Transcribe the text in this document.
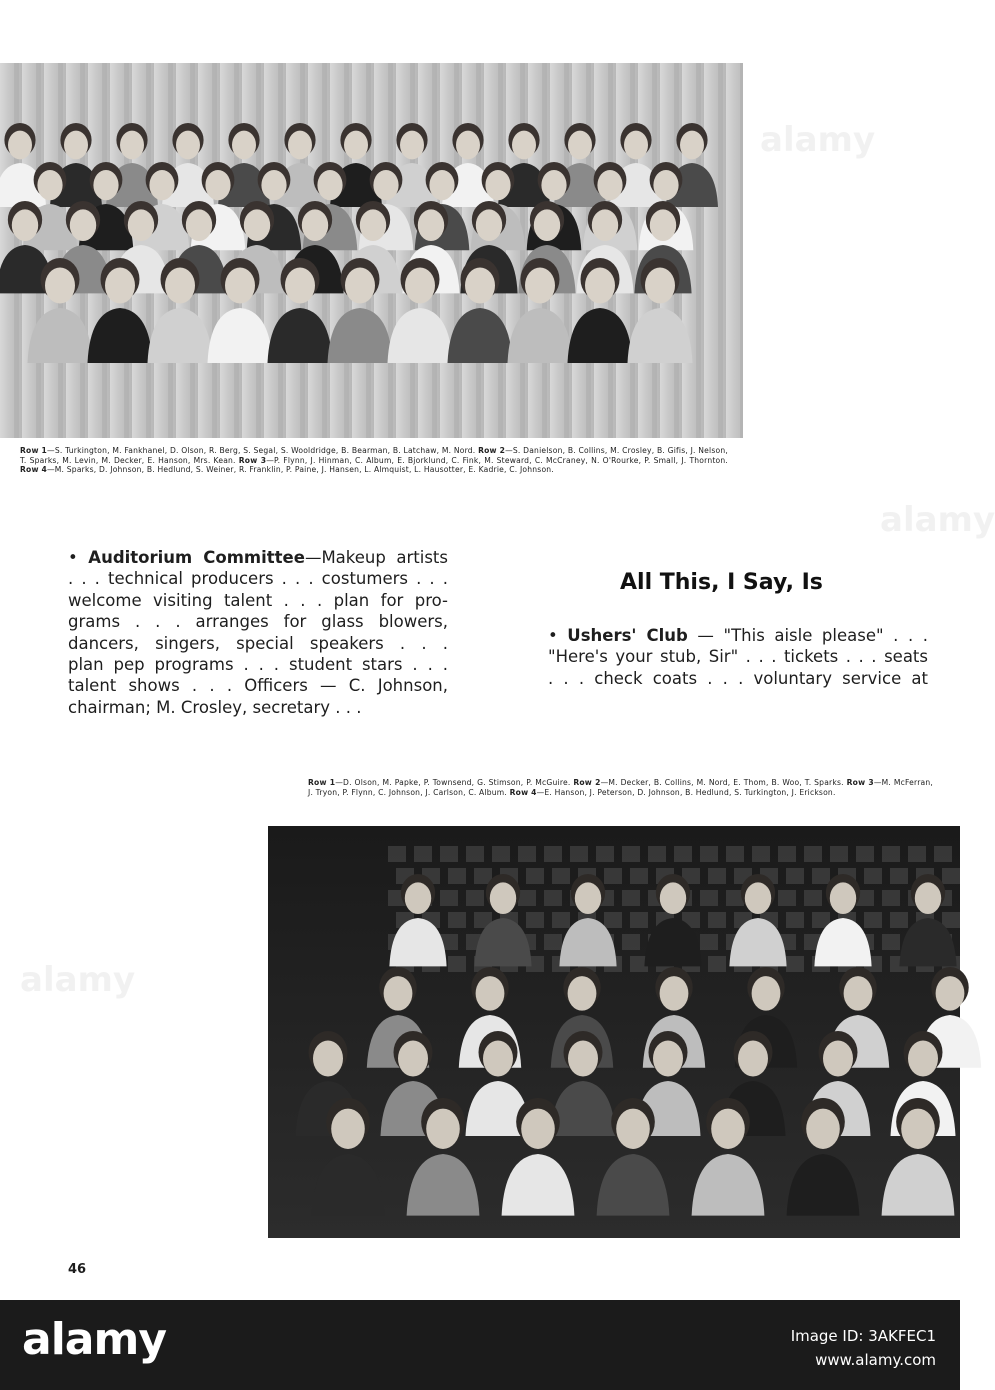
Row 1—S. Turkington, M. Fankhanel, D. Olson, R. Berg, S. Segal, S. Wooldridge, B. Bearman, B. Latchaw, M. Nord. Row 2—S. Danielson, B. Collins, M. Crosley, B. Gifis, J. Nelson, T. Sparks, M. Levin, M. Decker, E. Hanson, Mrs. Kean. Row 3—P. Flynn, J. Hinman, C. Album, E. Bjorklund, C. Fink, M. Steward, C. McCraney, N. O'Rourke, P. Small, J. Thornton. Row 4—M. Sparks, D. Johnson, B. Hedlund, S. Weiner, R. Franklin, P. Paine, J. Hansen, L. Almquist, L. Hausotter, E. Kadrie, C. Johnson.
• Auditorium Committee—Makeup artists
. . . technical producers . . . costumers . . .
welcome visiting talent . . . plan for pro-
grams . . . arranges for glass blowers,
dancers, singers, special speakers . . .
plan pep programs . . . student stars . . .
talent shows . . . Officers — C. Johnson,
chairman; M. Crosley, secretary . . .
All This, I Say, Is
• Ushers' Club — "This aisle please" . . .
"Here's your stub, Sir" . . . tickets . . . seats
. . . check coats . . . voluntary service at
Row 1—D. Olson, M. Papke, P. Townsend, G. Stimson, P. McGuire. Row 2—M. Decker, B. Collins, M. Nord, E. Thom, B. Woo, T. Sparks. Row 3—M. McFerran, J. Tryon, P. Flynn, C. Johnson, J. Carlson, C. Album. Row 4—E. Hanson, J. Peterson, D. Johnson, B. Hedlund, S. Turkington, J. Erickson.
46
alamy
alamy
alamy
alamy	Image ID: 3AKFEC1
www.alamy.com
